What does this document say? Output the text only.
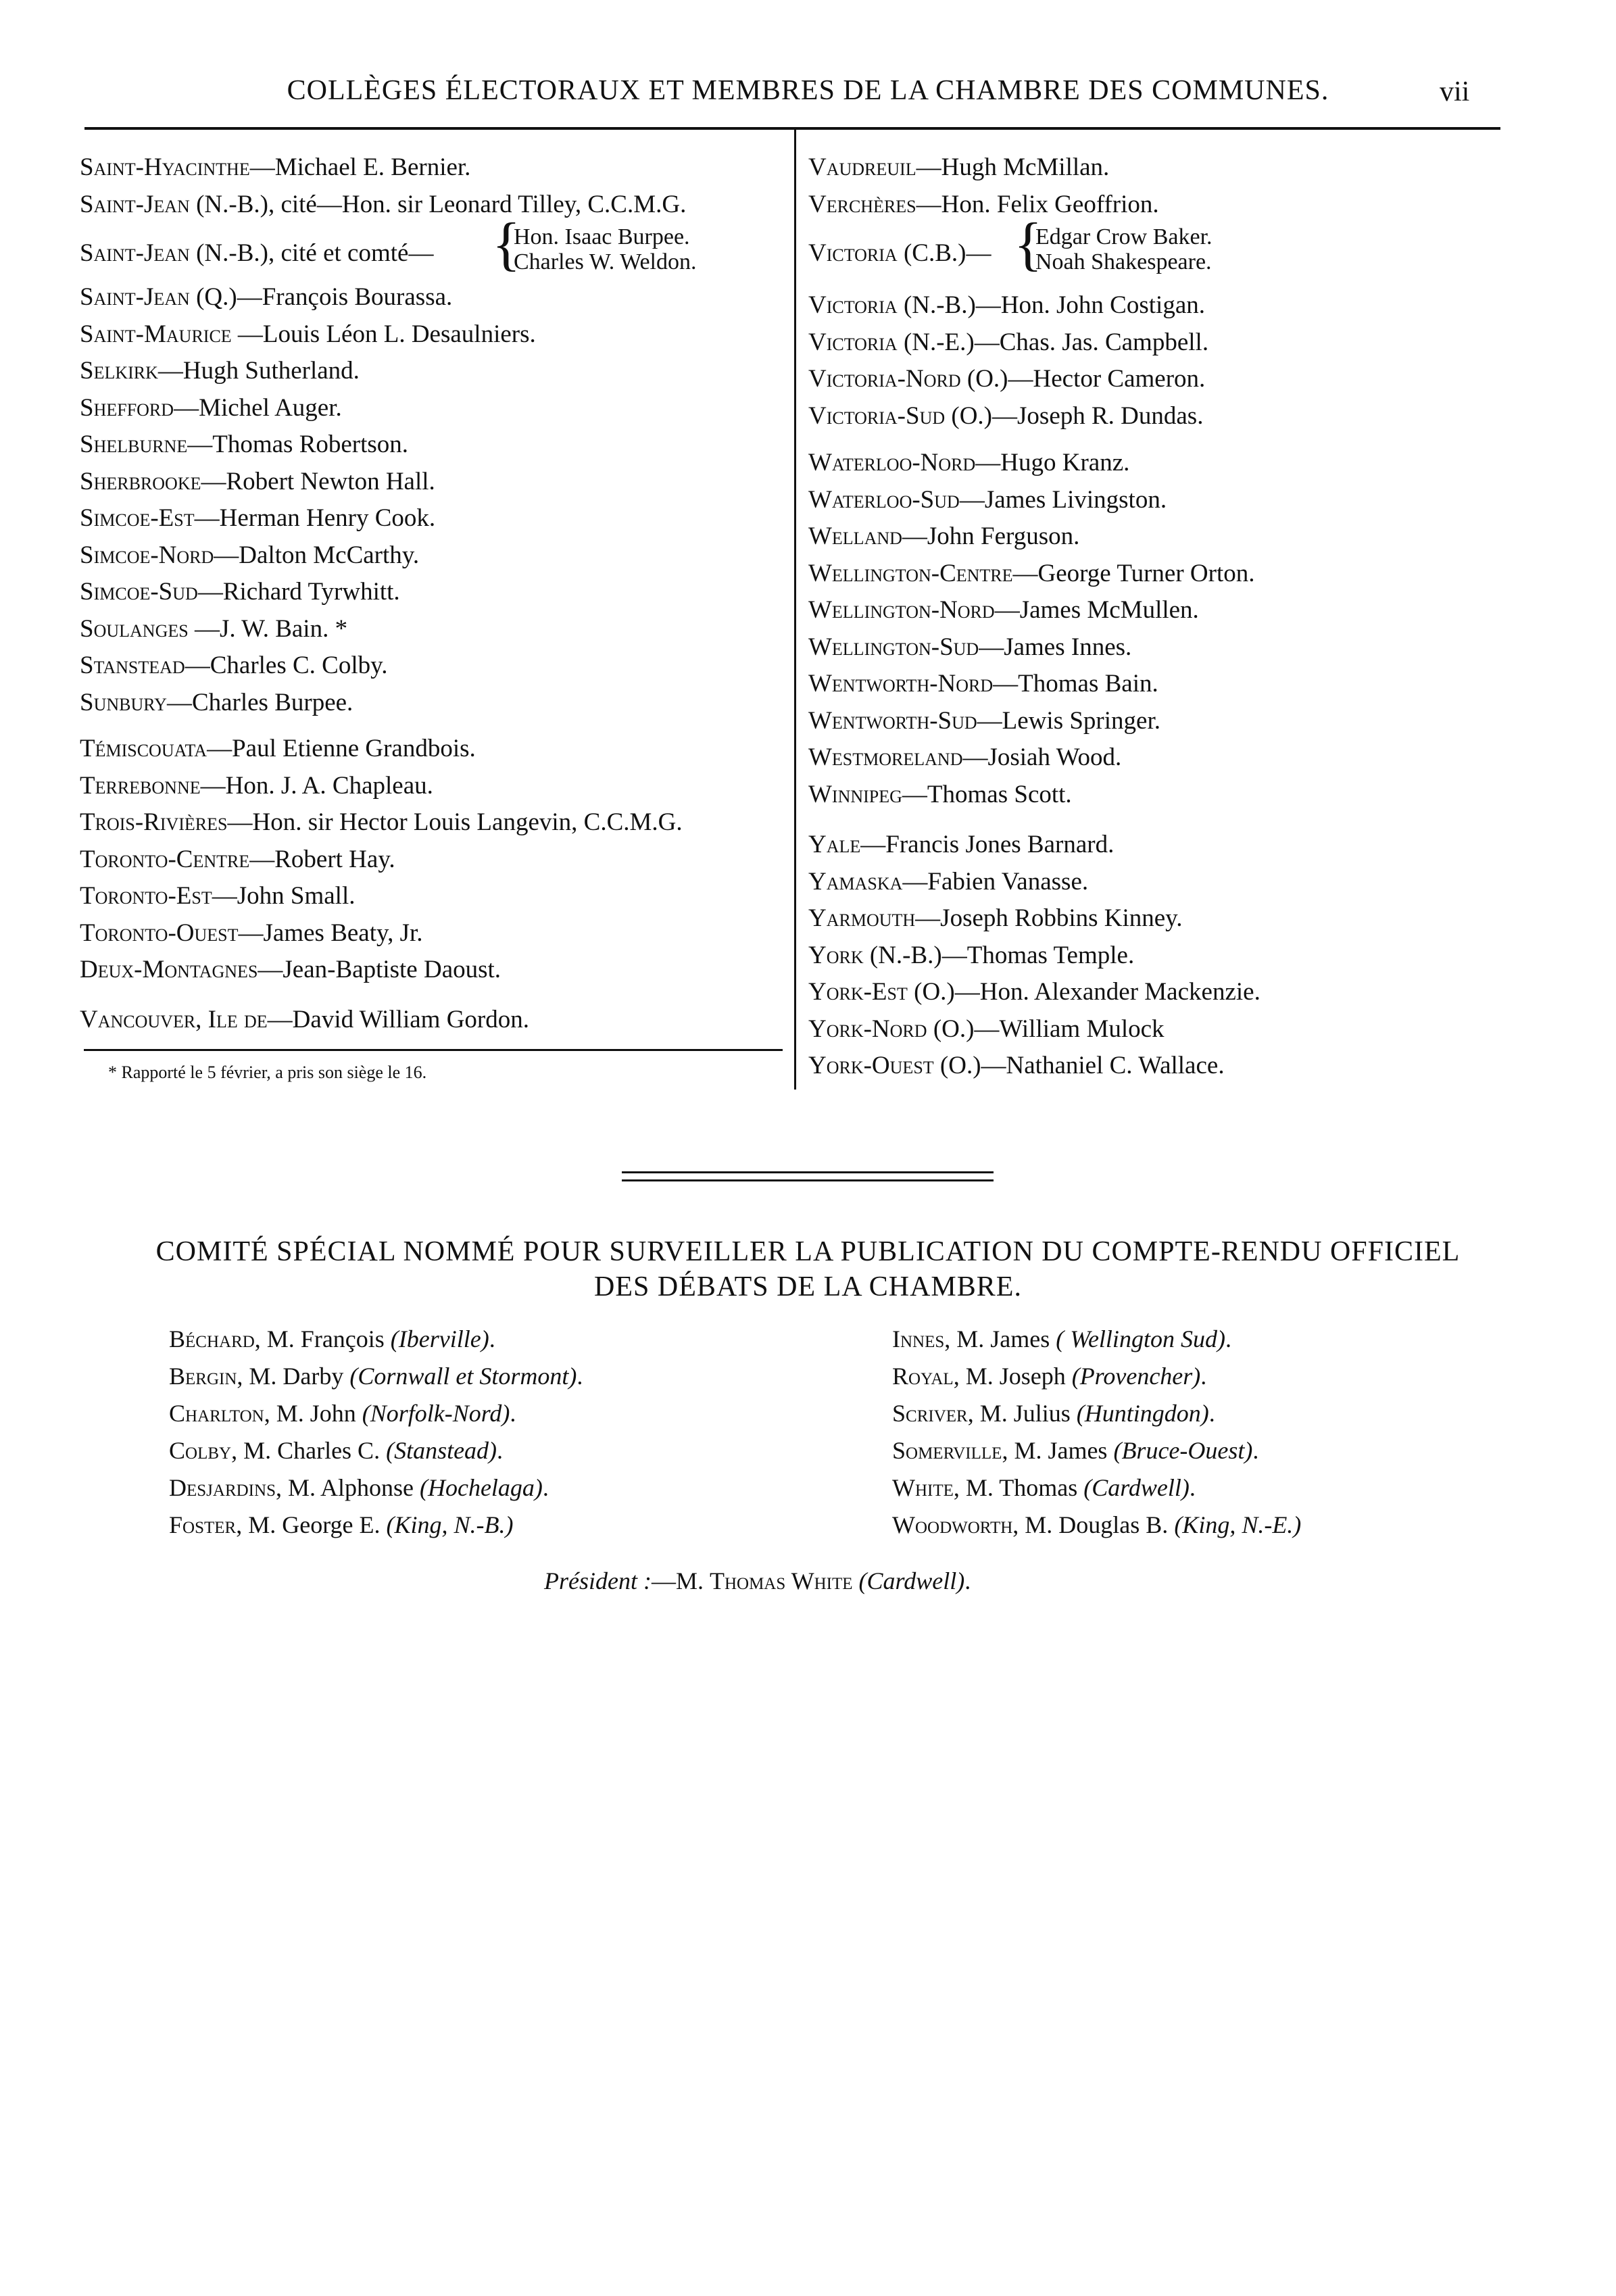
COLLÈGES ÉLECTORAUX ET MEMBRES DE LA CHAMBRE DES COMMUNES.	vii
Saint-Jean (N.-B.), cité et comté— {
Hon. Isaac Burpee.
Charles W. Weldon.
* Rapporté le 5 février, a pris son siège le 16.
Victoria (C.B.)— {
Edgar Crow Baker.
Noah Shakespeare.
COMITÉ SPÉCIAL NOMMÉ POUR SURVEILLER LA PUBLICATION DU COMPTE-RENDU OFFICIEL
DES DÉBATS DE LA CHAMBRE.
Président :—M. Thomas White (Cardwell).
Saint-Hyacinthe—Michael E. Bernier.
Saint-Jean (N.-B.), cité—Hon. sir Leonard Tilley, C.C.M.G.
Saint-Jean (Q.)—François Bourassa.
Saint-Maurice —Louis Léon L. Desaulniers.
Selkirk—Hugh Sutherland.
Shefford—Michel Auger.
Shelburne—Thomas Robertson.
Sherbrooke—Robert Newton Hall.
Simcoe-Est—Herman Henry Cook.
Simcoe-Nord—Dalton McCarthy.
Simcoe-Sud—Richard Tyrwhitt.
Soulanges —J. W. Bain. *
Stanstead—Charles C. Colby.
Sunbury—Charles Burpee.
Témiscouata—Paul Etienne Grandbois.
Terrebonne—Hon. J. A. Chapleau.
Trois-Rivières—Hon. sir Hector Louis Langevin, C.C.M.G.
Toronto-Centre—Robert Hay.
Toronto-Est—John Small.
Toronto-Ouest—James Beaty, Jr.
Deux-Montagnes—Jean-Baptiste Daoust.
Vancouver, Ile de—David William Gordon.
Vaudreuil—Hugh McMillan.
Verchères—Hon. Felix Geoffrion.
Victoria (N.-B.)—Hon. John Costigan.
Victoria (N.-E.)—Chas. Jas. Campbell.
Victoria-Nord (O.)—Hector Cameron.
Victoria-Sud (O.)—Joseph R. Dundas.
Waterloo-Nord—Hugo Kranz.
Waterloo-Sud—James Livingston.
Welland—John Ferguson.
Wellington-Centre—George Turner Orton.
Wellington-Nord—James McMullen.
Wellington-Sud—James Innes.
Wentworth-Nord—Thomas Bain.
Wentworth-Sud—Lewis Springer.
Westmoreland—Josiah Wood.
Winnipeg—Thomas Scott.
Yale—Francis Jones Barnard.
Yamaska—Fabien Vanasse.
Yarmouth—Joseph Robbins Kinney.
York (N.-B.)—Thomas Temple.
York-Est (O.)—Hon. Alexander Mackenzie.
York-Nord (O.)—William Mulock
York-Ouest (O.)—Nathaniel C. Wallace.
Béchard, M. François (Iberville).
Bergin, M. Darby (Cornwall et Stormont).
Charlton, M. John (Norfolk-Nord).
Colby, M. Charles C. (Stanstead).
Desjardins, M. Alphonse (Hochelaga).
Foster, M. George E. (King, N.-B.)
Innes, M. James ( Wellington Sud).
Royal, M. Joseph (Provencher).
Scriver, M. Julius (Huntingdon).
Somerville, M. James (Bruce-Ouest).
White, M. Thomas (Cardwell).
Woodworth, M. Douglas B. (King, N.-E.)
